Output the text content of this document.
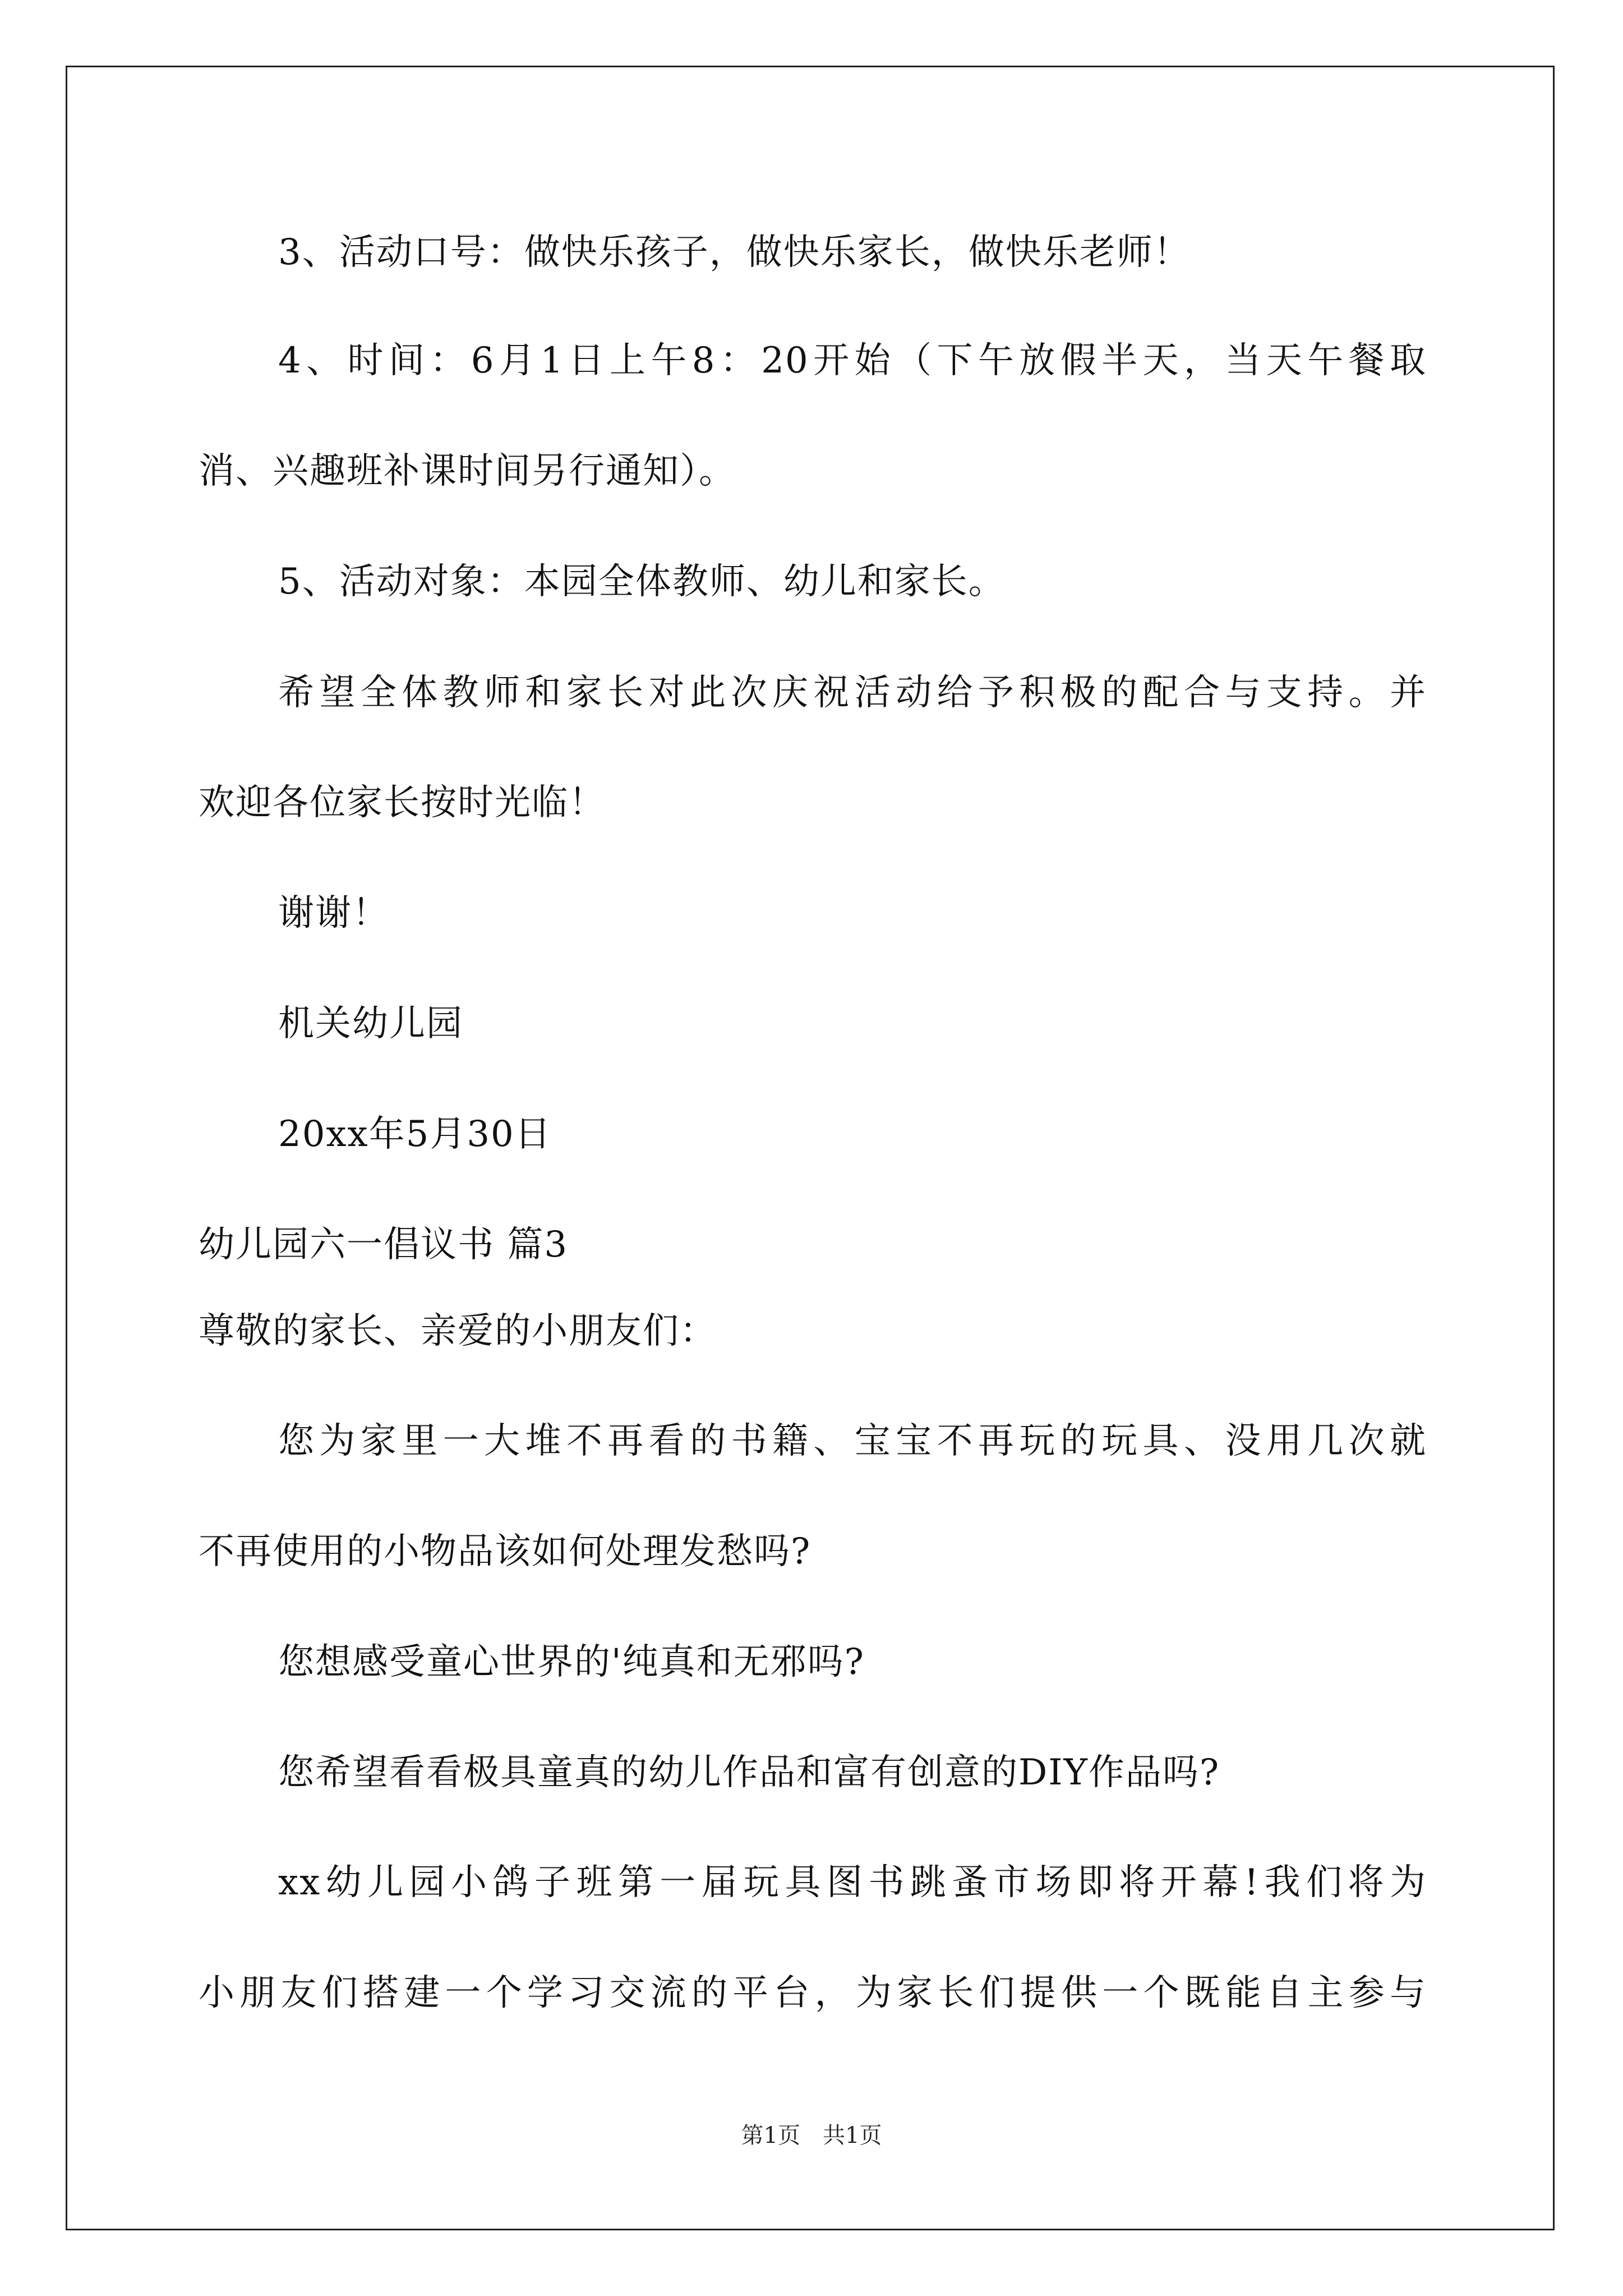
3、活动口号：做快乐孩子，做快乐家长，做快乐老师！
4、时间：6月1日上午8：20开始（下午放假半天，当天午餐取
消、兴趣班补课时间另行通知）。
5、活动对象：本园全体教师、幼儿和家长。
希望全体教师和家长对此次庆祝活动给予积极的配合与支持。并
欢迎各位家长按时光临！
谢谢！
机关幼儿园
20xx年5月30日
幼儿园六一倡议书 篇3
尊敬的家长、亲爱的小朋友们：
您为家里一大堆不再看的书籍、宝宝不再玩的玩具、没用几次就
不再使用的小物品该如何处理发愁吗?
您想感受童心世界的'纯真和无邪吗?
您希望看看极具童真的幼儿作品和富有创意的DIY作品吗?
xx幼儿园小鸽子班第一届玩具图书跳蚤市场即将开幕!我们将为
小朋友们搭建一个学习交流的平台，为家长们提供一个既能自主参与
第1页　共1页
